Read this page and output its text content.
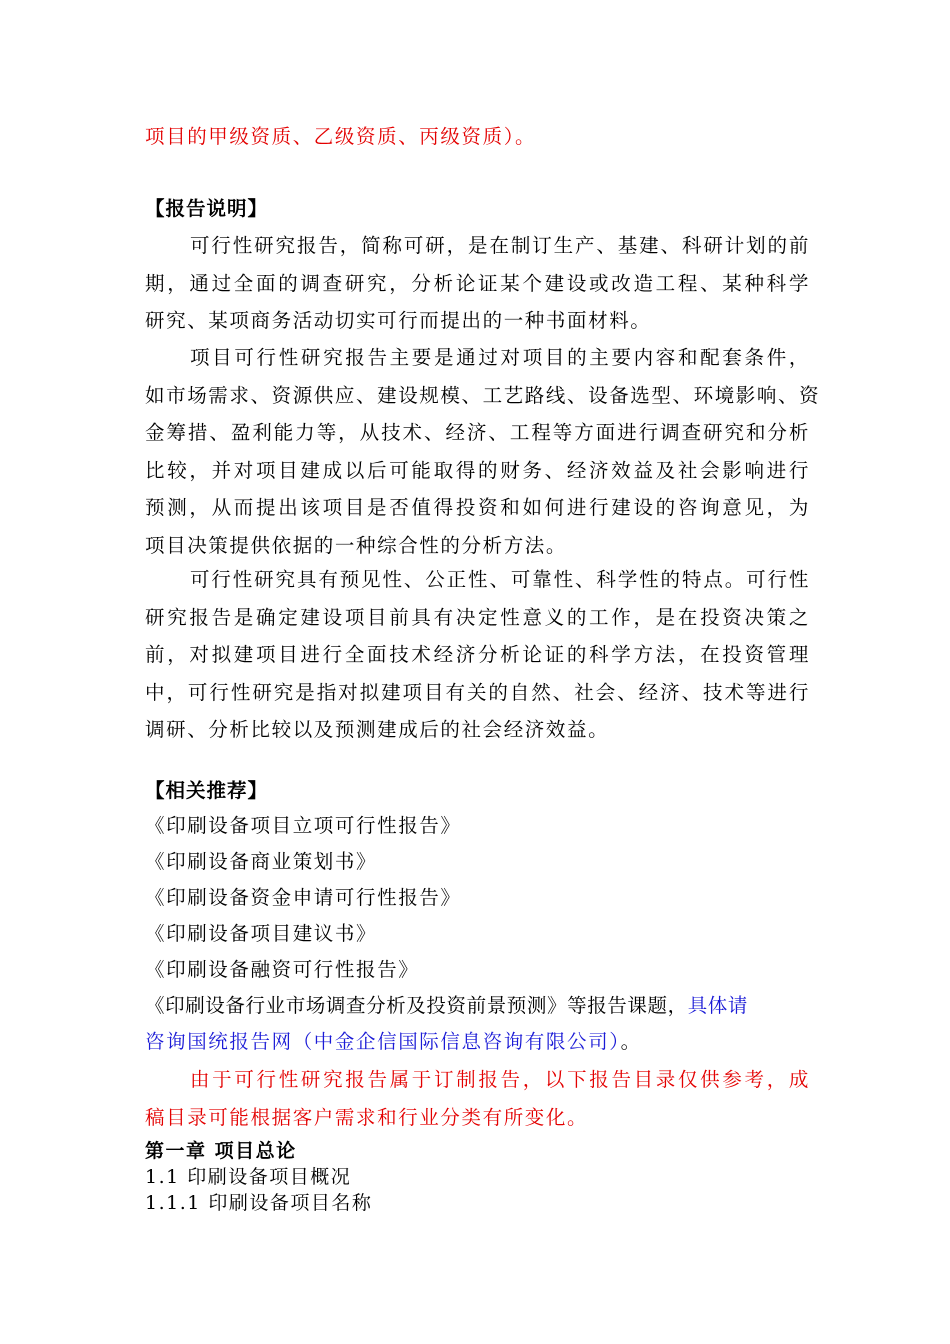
项目的甲级资质、乙级资质、丙级资质）。
【报告说明】
可行性研究报告，简称可研，是在制订生产、基建、科研计划的前
期，通过全面的调查研究，分析论证某个建设或改造工程、某种科学
研究、某项商务活动切实可行而提出的一种书面材料。
项目可行性研究报告主要是通过对项目的主要内容和配套条件，
如市场需求、资源供应、建设规模、工艺路线、设备选型、环境影响、资
金筹措、盈利能力等，从技术、经济、工程等方面进行调查研究和分析
比较，并对项目建成以后可能取得的财务、经济效益及社会影响进行
预测，从而提出该项目是否值得投资和如何进行建设的咨询意见，为
项目决策提供依据的一种综合性的分析方法。
可行性研究具有预见性、公正性、可靠性、科学性的特点。可行性
研究报告是确定建设项目前具有决定性意义的工作，是在投资决策之
前，对拟建项目进行全面技术经济分析论证的科学方法，在投资管理
中，可行性研究是指对拟建项目有关的自然、社会、经济、技术等进行
调研、分析比较以及预测建成后的社会经济效益。
【相关推荐】
《印刷设备项目立项可行性报告》
《印刷设备商业策划书》
《印刷设备资金申请可行性报告》
《印刷设备项目建议书》
《印刷设备融资可行性报告》
《印刷设备行业市场调查分析及投资前景预测》等报告课题，具体请
咨询国统报告网（中金企信国际信息咨询有限公司）。
由于可行性研究报告属于订制报告，以下报告目录仅供参考，成
稿目录可能根据客户需求和行业分类有所变化。
第一章 项目总论
1.1 印刷设备项目概况
1.1.1 印刷设备项目名称
